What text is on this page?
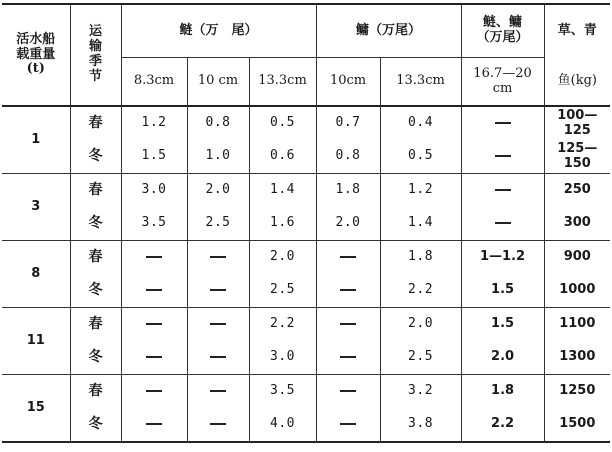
活水船
载重量
(t)	运
输
季
节	鲢（万　尾）			鳙（万尾）		鲢、鳙
（万尾）	草、青

		8.3cm	10 cm	13.3cm	10cm	13.3cm	16.7—20 cm	鱼(kg)
1	春	1.2	0.8	0.5	0.7	0.4		100—125
	冬	1.5	1.0	0.6	0.8	0.5		125—150
3	春	3.0	2.0	1.4	1.8	1.2		250
	冬	3.5	2.5	1.6	2.0	1.4		300
8	春			2.0		1.8	1—1.2	900
	冬			2.5		2.2	1.5	1000
11	春			2.2		2.0	1.5	1100
	冬			3.0		2.5	2.0	1300
15	春			3.5		3.2	1.8	1250
	冬			4.0		3.8	2.2	1500
